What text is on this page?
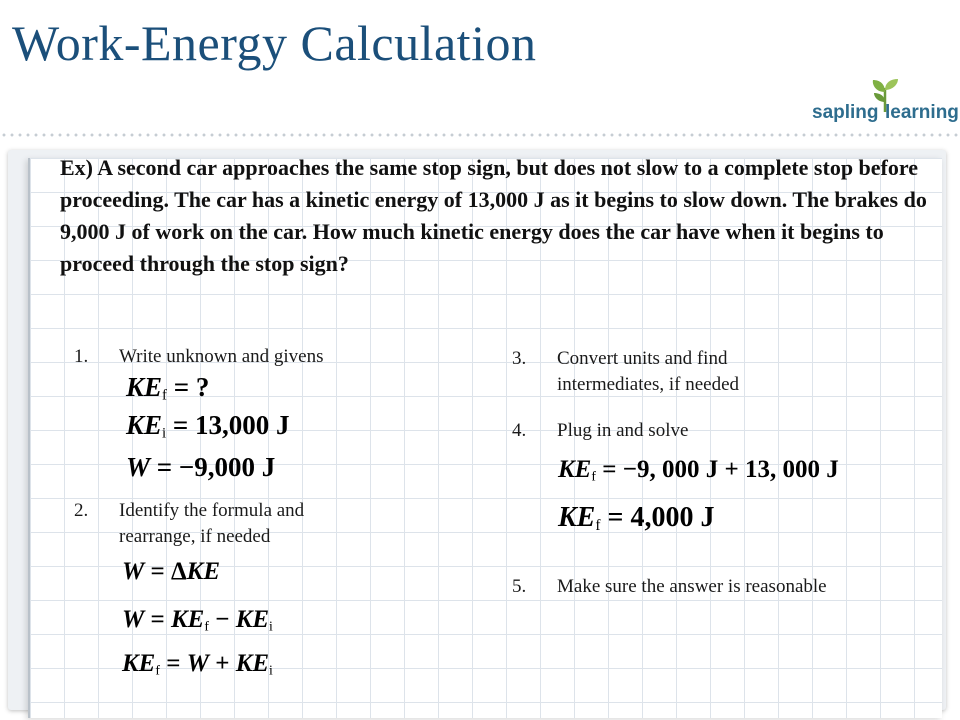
Work-Energy Calculation
sapling learning

Ex) A second car approaches the same stop sign, but does not slow to a complete stop before proceeding. The car has a kinetic energy of 13,000 J as it begins to slow down. The brakes do 9,000 J of work on the car. How much kinetic energy does the car have when it begins to proceed through the stop sign?

1. Write unknown and givens
$KE_f$ = ?
$KE_i = 13,000$ J
W = −9,000 J
2. Identify the formula and
rearrange, if needed
W = ΔKE
$W = KE_f - KE_i$
$KE_f = W + KE_i$
3. Convert units and find
intermediates, if needed
4. Plug in and solve
$KE_f = -9$, 000 J + 13, 000 J
$KE_f = 4,000$ J
5. Make sure the answer is reasonable
